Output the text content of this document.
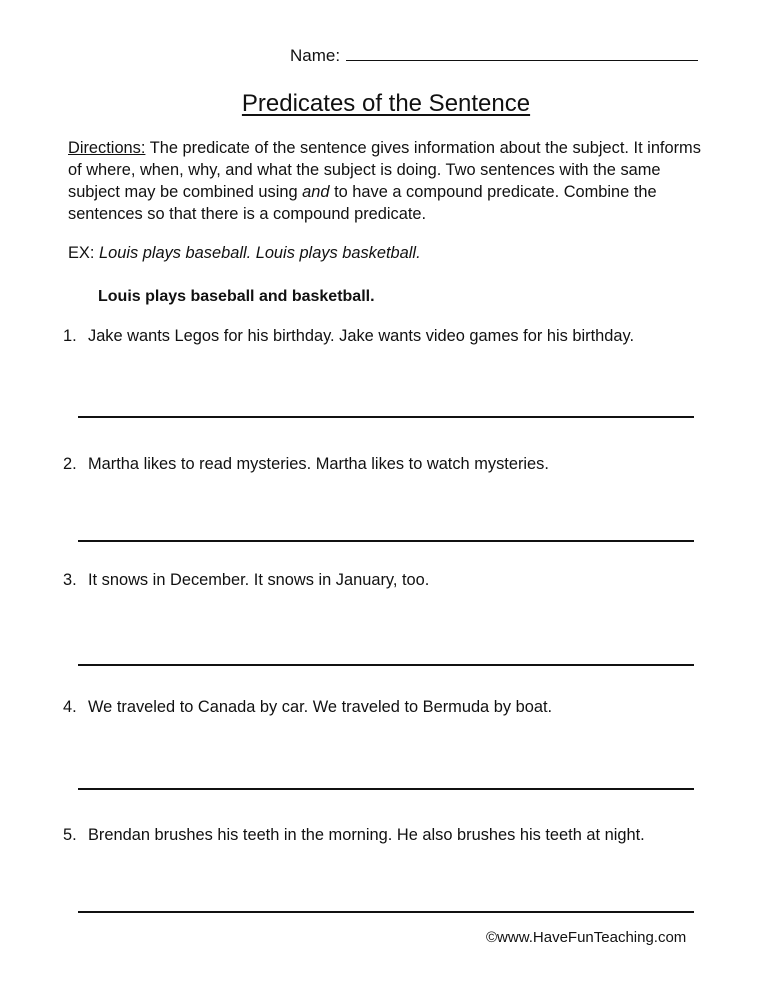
Name:
Predicates of the Sentence
Directions: The predicate of the sentence gives information about the subject. It informs of where, when, why, and what the subject is doing. Two sentences with the same subject may be combined using and to have a compound predicate. Combine the sentences so that there is a compound predicate.
EX: Louis plays baseball. Louis plays basketball.
Louis plays baseball and basketball.
1. Jake wants Legos for his birthday. Jake wants video games for his birthday.
2. Martha likes to read mysteries. Martha likes to watch mysteries.
3. It snows in December. It snows in January, too.
4. We traveled to Canada by car. We traveled to Bermuda by boat.
5. Brendan brushes his teeth in the morning. He also brushes his teeth at night.
©www.HaveFunTeaching.com
